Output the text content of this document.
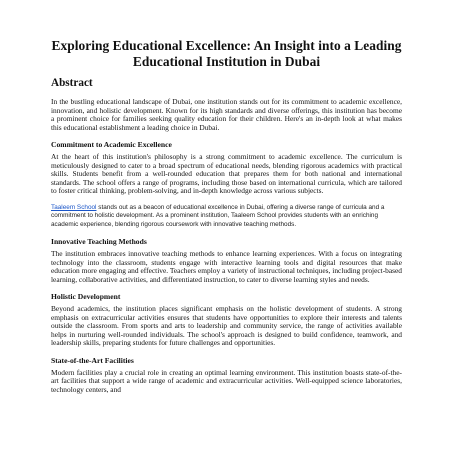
Exploring Educational Excellence: An Insight into a Leading Educational Institution in Dubai
Abstract

In the bustling educational landscape of Dubai, one institution stands out for its commitment to academic excellence, innovation, and holistic development. Known for its high standards and diverse offerings, this institution has become a prominent choice for families seeking quality education for their children. Here's an in-depth look at what makes this educational establishment a leading choice in Dubai.

Commitment to Academic Excellence

At the heart of this institution's philosophy is a strong commitment to academic excellence. The curriculum is meticulously designed to cater to a broad spectrum of educational needs, blending rigorous academics with practical skills. Students benefit from a well-rounded education that prepares them for both national and international standards. The school offers a range of programs, including those based on international curricula, which are tailored to foster critical thinking, problem-solving, and in-depth knowledge across various subjects.

Taaleem School stands out as a beacon of educational excellence in Dubai, offering a diverse range of curricula and a commitment to holistic development. As a prominent institution, Taaleem School provides students with an enriching academic experience, blending rigorous coursework with innovative teaching methods.

Innovative Teaching Methods

The institution embraces innovative teaching methods to enhance learning experiences. With a focus on integrating technology into the classroom, students engage with interactive learning tools and digital resources that make education more engaging and effective. Teachers employ a variety of instructional techniques, including project-based learning, collaborative activities, and differentiated instruction, to cater to diverse learning styles and needs.

Holistic Development

Beyond academics, the institution places significant emphasis on the holistic development of students. A strong emphasis on extracurricular activities ensures that students have opportunities to explore their interests and talents outside the classroom. From sports and arts to leadership and community service, the range of activities available helps in nurturing well-rounded individuals. The school's approach is designed to build confidence, teamwork, and leadership skills, preparing students for future challenges and opportunities.

State-of-the-Art Facilities

Modern facilities play a crucial role in creating an optimal learning environment. This institution boasts state-of-the-art facilities that support a wide range of academic and extracurricular activities. Well-equipped science laboratories, technology centers, and
